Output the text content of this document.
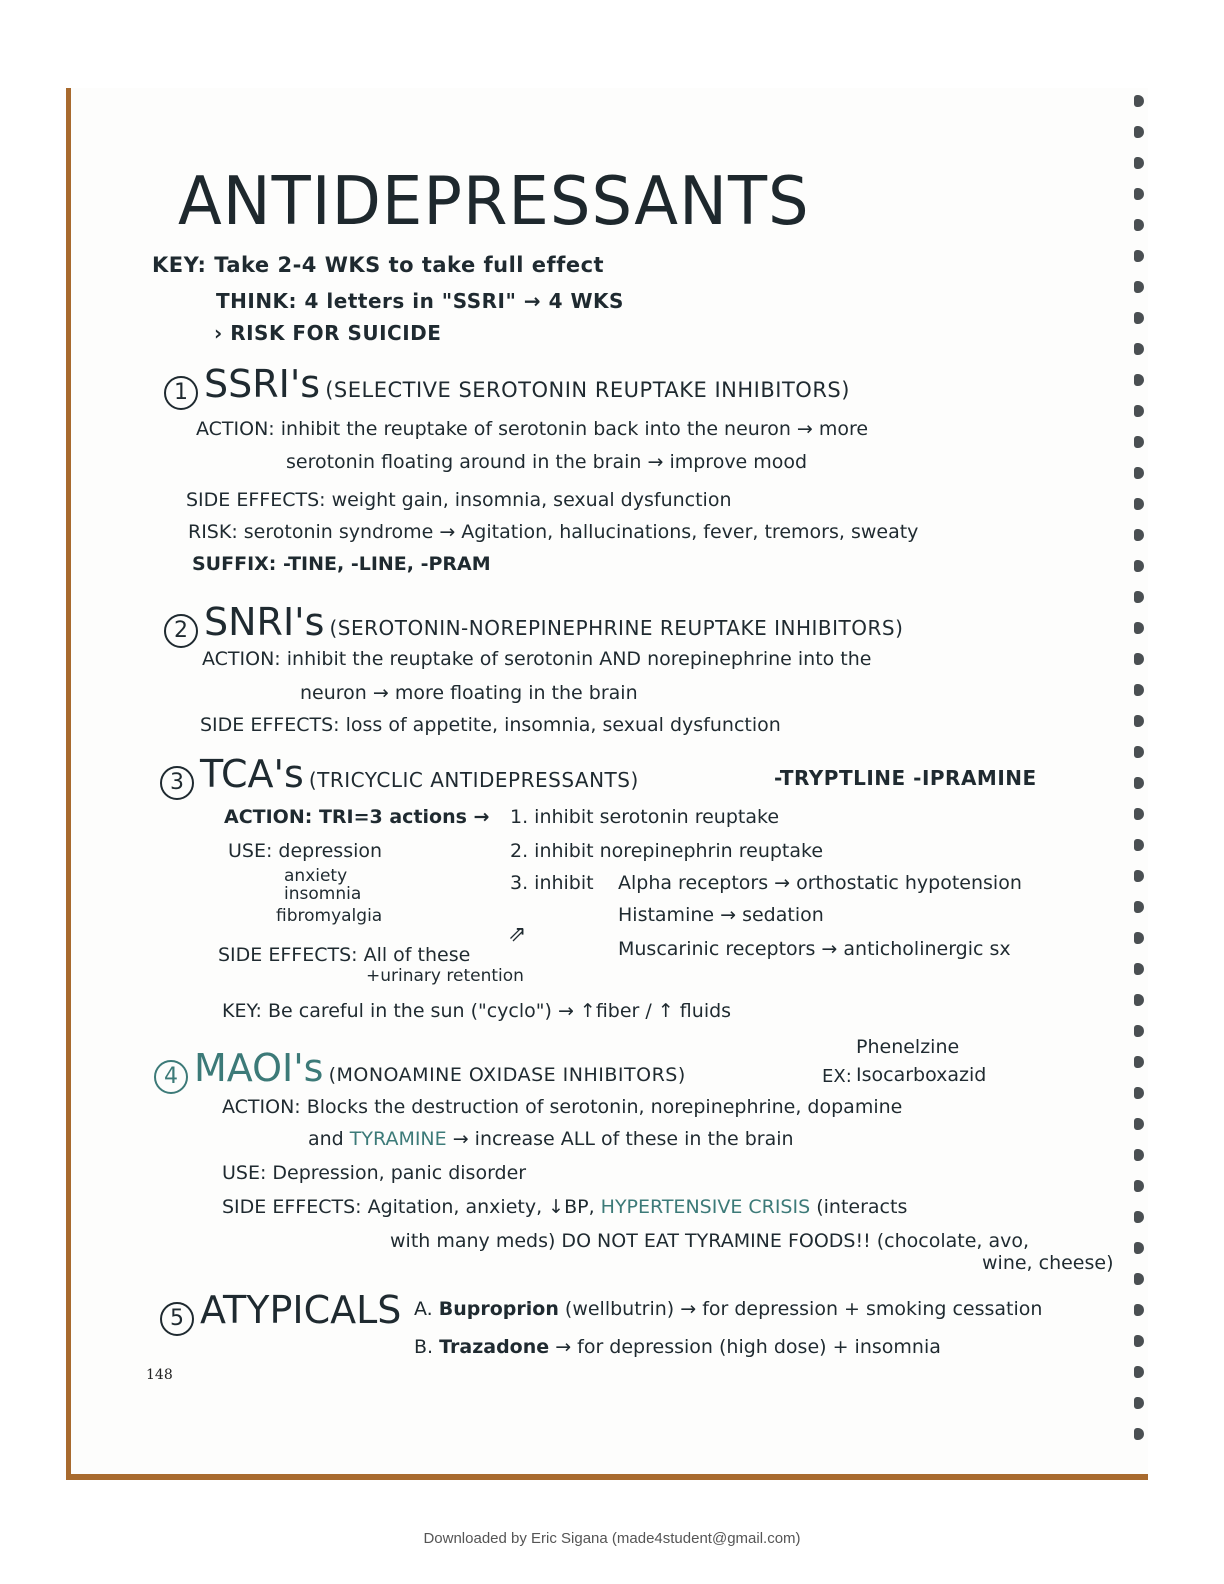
ANTIDEPRESSANTS
KEY: Take 2-4 WKS to take full effect
THINK: 4 letters in "SSRI" → 4 WKS
› RISK FOR SUICIDE
1 SSRI's (SELECTIVE SEROTONIN REUPTAKE INHIBITORS)
ACTION: inhibit the reuptake of serotonin back into the neuron → more
serotonin floating around in the brain → improve mood
SIDE EFFECTS: weight gain, insomnia, sexual dysfunction
RISK: serotonin syndrome → Agitation, hallucinations, fever, tremors, sweaty
SUFFIX: -TINE, -LINE, -PRAM
2 SNRI's (SEROTONIN-NOREPINEPHRINE REUPTAKE INHIBITORS)
ACTION: inhibit the reuptake of serotonin AND norepinephrine into the
neuron → more floating in the brain
SIDE EFFECTS: loss of appetite, insomnia, sexual dysfunction
3 TCA's (TRICYCLIC ANTIDEPRESSANTS)	-TRYPTLINE -IPRAMINE
ACTION: TRI=3 actions → 1. inhibit serotonin reuptake
2. inhibit norepinephrin reuptake
3. inhibit Alpha receptors → orthostatic hypotension
Histamine → sedation
Muscarinic receptors → anticholinergic sx
USE: depression
anxiety
insomnia
fibromyalgia
SIDE EFFECTS: All of these
⇗
+urinary retention
KEY: Be careful in the sun ("cyclo") → ↑fiber / ↑ fluids
4 MAOI's (MONOAMINE OXIDASE INHIBITORS)	EX:
Phenelzine
Isocarboxazid
ACTION: Blocks the destruction of serotonin, norepinephrine, dopamine
and TYRAMINE → increase ALL of these in the brain
USE: Depression, panic disorder
SIDE EFFECTS: Agitation, anxiety, ↓BP, HYPERTENSIVE CRISIS (interacts
with many meds) DO NOT EAT TYRAMINE FOODS!! (chocolate, avo,
wine, cheese)
5 ATYPICALS A. Buproprion (wellbutrin) → for depression + smoking cessation
B. Trazadone → for depression (high dose) + insomnia
148
Downloaded by Eric Sigana (made4student@gmail.com)
